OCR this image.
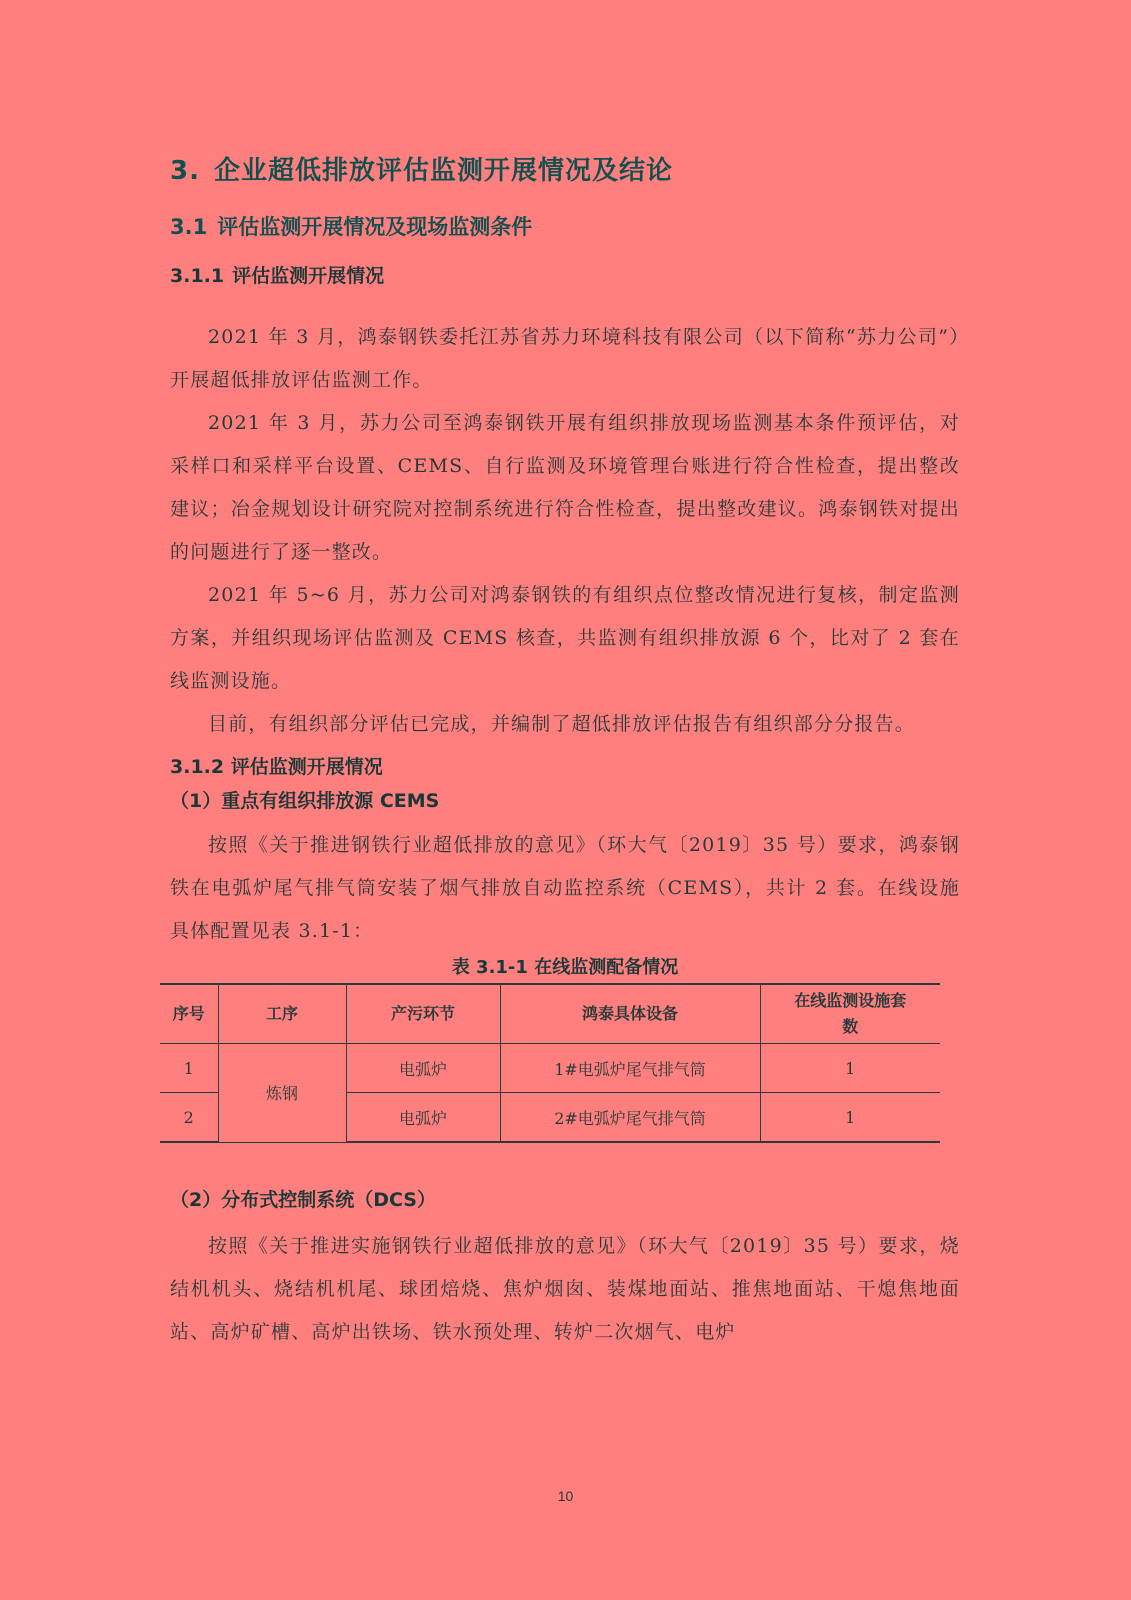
3. 企业超低排放评估监测开展情况及结论
3.1 评估监测开展情况及现场监测条件
3.1.1 评估监测开展情况

2021 年 3 月，鸿泰钢铁委托江苏省苏力环境科技有限公司（以下简称“苏力公司”）开展超低排放评估监测工作。

2021 年 3 月，苏力公司至鸿泰钢铁开展有组织排放现场监测基本条件预评估，对采样口和采样平台设置、CEMS、自行监测及环境管理台账进行符合性检查，提出整改建议；冶金规划设计研究院对控制系统进行符合性检查，提出整改建议。鸿泰钢铁对提出的问题进行了逐一整改。

2021 年 5~6 月，苏力公司对鸿泰钢铁的有组织点位整改情况进行复核，制定监测方案，并组织现场评估监测及 CEMS 核查，共监测有组织排放源 6 个，比对了 2 套在线监测设施。

目前，有组织部分评估已完成，并编制了超低排放评估报告有组织部分分报告。

3.1.2 评估监测开展情况
（1）重点有组织排放源 CEMS

按照《关于推进钢铁行业超低排放的意见》（环大气〔2019〕35 号）要求，鸿泰钢铁在电弧炉尾气排气筒安装了烟气排放自动监控系统（CEMS），共计 2 套。在线设施具体配置见表 3.1-1：

表 3.1-1 在线监测配备情况
序号	工序	产污环节	鸿泰具体设备	在线监测设施套数
1	炼钢	电弧炉	1#电弧炉尾气排气筒	1
2		电弧炉	2#电弧炉尾气排气筒	1
（2）分布式控制系统（DCS）

按照《关于推进实施钢铁行业超低排放的意见》（环大气〔2019〕35 号）要求，烧结机机头、烧结机机尾、球团焙烧、焦炉烟囱、装煤地面站、推焦地面站、干熄焦地面站、高炉矿槽、高炉出铁场、铁水预处理、转炉二次烟气、电炉

10
